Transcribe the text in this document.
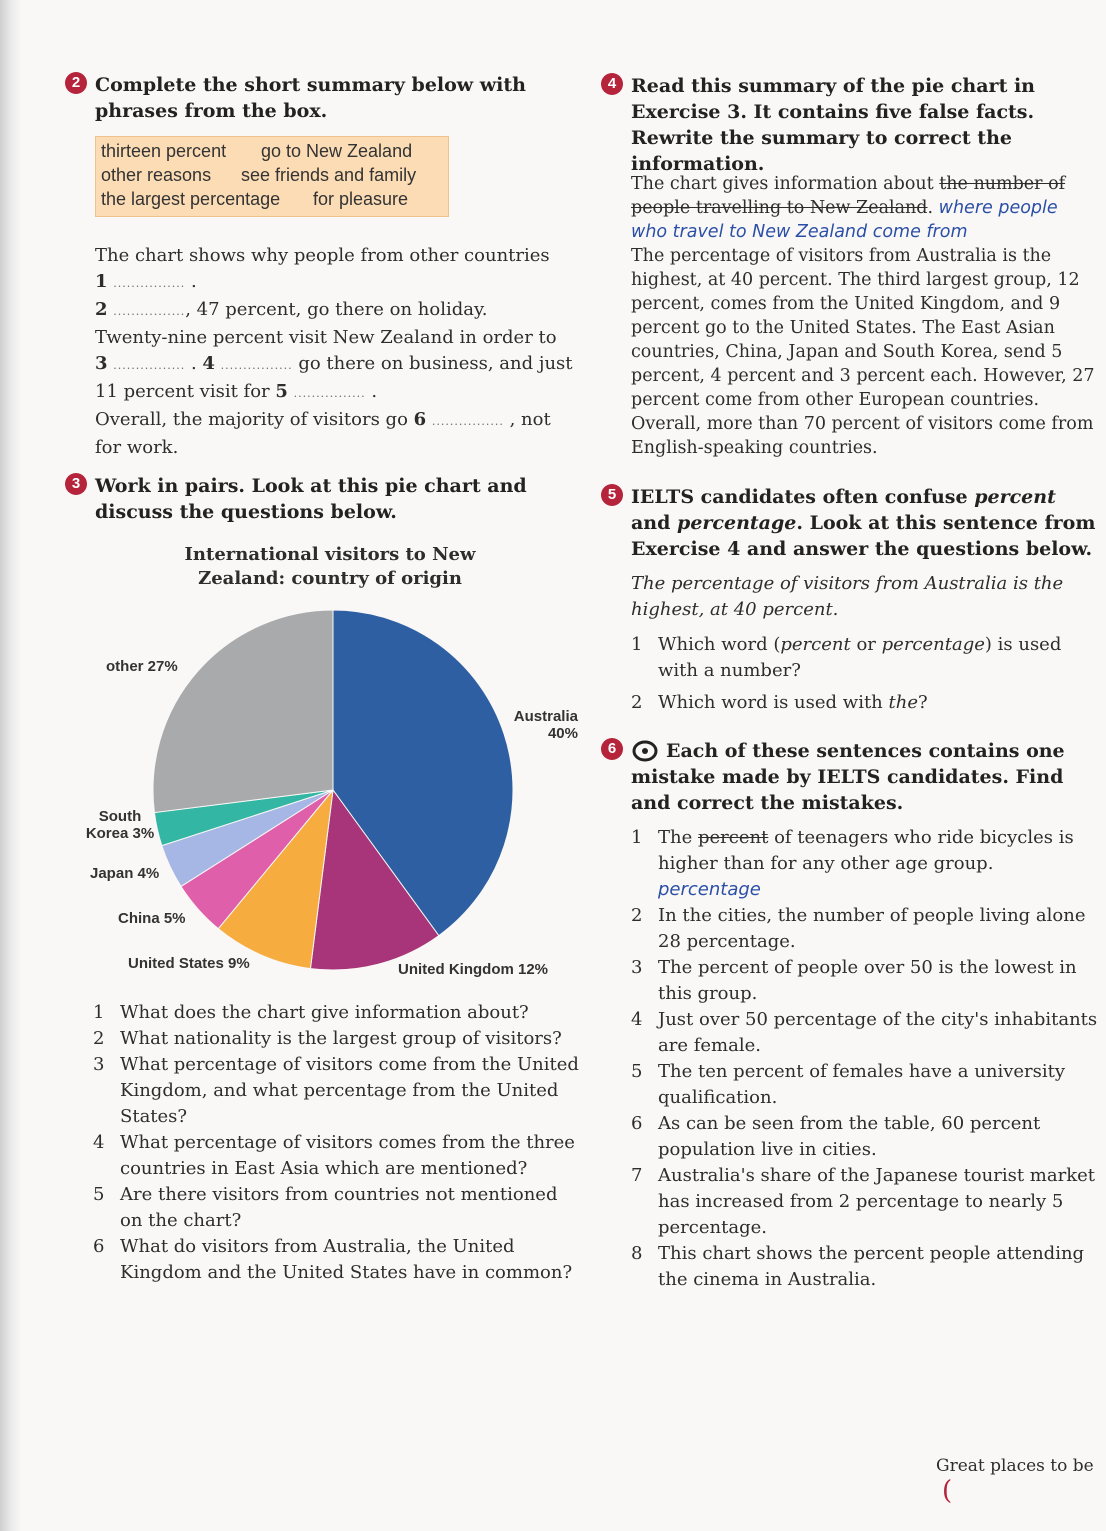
2 Complete the short summary below with phrases from the box.
thirteen percent go to New Zealand
other reasons see friends and family
the largest percentage for pleasure
The chart shows why people from other countries
1 ................ .
2 ................, 47 percent, go there on holiday.
Twenty-nine percent visit New Zealand in order to
3 ................ . 4 ................ go there on business, and just
11 percent visit for 5 ................ .
Overall, the majority of visitors go 6 ................ , not
for work.
3 Work in pairs. Look at this pie chart and discuss the questions below.
International visitors to New Zealand: country of origin
other 27%
Australia 40%
South Korea 3%
Japan 4%
China 5%
United States 9%	United Kingdom 12%
1 What does the chart give information about?
2 What nationality is the largest group of visitors?
3 What percentage of visitors come from the United Kingdom, and what percentage from the United States?
4 What percentage of visitors comes from the three countries in East Asia which are mentioned?
5 Are there visitors from countries not mentioned on the chart?
6 What do visitors from Australia, the United Kingdom and the United States have in common?
4 Read this summary of the pie chart in Exercise 3. It contains five false facts. Rewrite the summary to correct the information.
The chart gives information about the number of people travelling to New Zealand. where people who travel to New Zealand come from
The percentage of visitors from Australia is the highest, at 40 percent. The third largest group, 12 percent, comes from the United Kingdom, and 9 percent go to the United States. The East Asian countries, China, Japan and South Korea, send 5 percent, 4 percent and 3 percent each. However, 27 percent come from other European countries. Overall, more than 70 percent of visitors come from English-speaking countries.
5 IELTS candidates often confuse percent and percentage. Look at this sentence from Exercise 4 and answer the questions below.
The percentage of visitors from Australia is the highest, at 40 percent.
1 Which word (percent or percentage) is used with a number?
2 Which word is used with the?
6	Each of these sentences contains one mistake made by IELTS candidates. Find and correct the mistakes.
1 The percent of teenagers who ride bicycles is higher than for any other age group. percentage
2 In the cities, the number of people living alone 28 percentage.
3 The percent of people over 50 is the lowest in this group.
4 Just over 50 percentage of the city's inhabitants are female.
5 The ten percent of females have a university qualification.
6 As can be seen from the table, 60 percent population live in cities.
7 Australia's share of the Japanese tourist market has increased from 2 percentage to nearly 5 percentage.
8 This chart shows the percent people attending the cinema in Australia.
Great places to be (
